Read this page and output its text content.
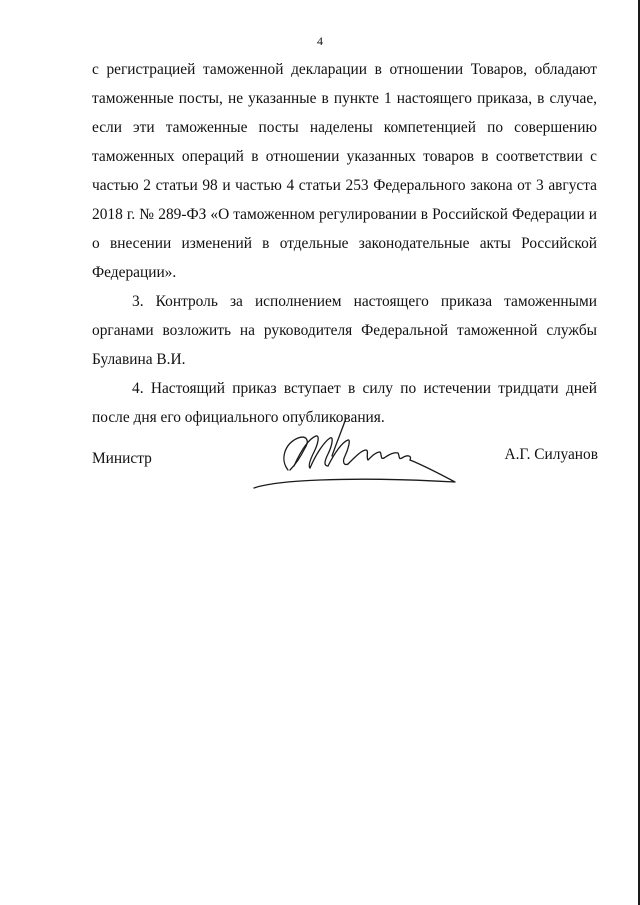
4

с регистрацией таможенной декларации в отношении Товаров, обладают таможенные посты, не указанные в пункте 1 настоящего приказа, в случае, если эти таможенные посты наделены компетенцией по совершению таможенных операций в отношении указанных товаров в соответствии с частью 2 статьи 98 и частью 4 статьи 253 Федерального закона от 3 августа 2018 г. № 289-ФЗ «О таможенном регулировании в Российской Федерации и о внесении изменений в отдельные законодательные акты Российской Федерации».

3. Контроль за исполнением настоящего приказа таможенными органами возложить на руководителя Федеральной таможенной службы Булавина В.И.

4. Настоящий приказ вступает в силу по истечении тридцати дней после дня его официального опубликования.

Министр	А.Г. Силуанов
